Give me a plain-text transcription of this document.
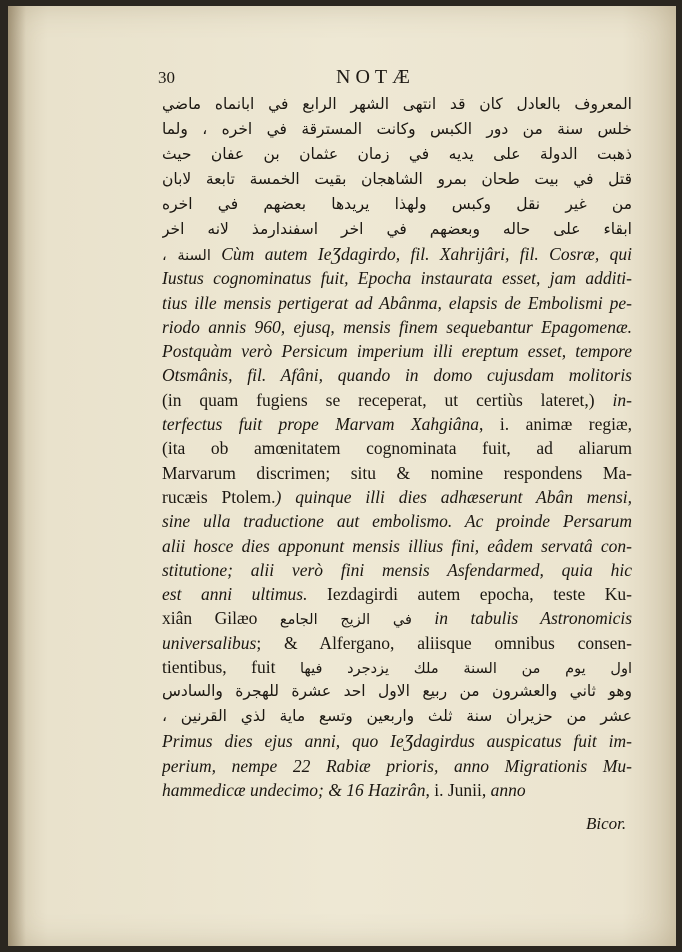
30	NOTÆ
المعروف بالعادل كان قد انتهى الشهر الرابع في ابانماه ماضي
خلس سنة من دور الكبس وكانت المسترقة في اخره ، ولما
ذهبت الدولة على يديه في زمان عثمان بن عفان حيث
قتل في بيت طحان بمرو الشاهجان بقيت الخمسة تابعة لابان
من غير نقل وكبس ولهذا يريدها بعضهم في اخره
ابقاء على حاله وبعضهم في اخر اسفندارمذ لانه اخر
السنة ، Cùm autem IeƷdagirdo, fil. Xahrijâri, fil. Cosræ, qui
Iustus cognominatus fuit, Epocha instaurata esset, jam additi-
tius ille mensis pertigerat ad Abânma, elapsis de Embolismi pe-
riodo annis 960, ejusq, mensis finem sequebantur Epagomenæ.
Postquàm verò Persicum imperium illi ereptum esset, tempore
Otsmânis, fil. Afâni, quando in domo cujusdam molitoris
(in quam fugiens se receperat, ut certiùs lateret,) in-
terfectus fuit prope Marvam Xahgiâna, i. animæ regiæ,
(ita ob amœnitatem cognominata fuit, ad aliarum
Marvarum discrimen; situ & nomine respondens Ma-
rucæis Ptolem.) quinque illi dies adhæserunt Abân mensi,
sine ulla traductione aut embolismo. Ac proinde Persarum
alii hosce dies apponunt mensis illius fini, eâdem servatâ con-
stitutione; alii verò fini mensis Asfendarmed, quia hic
est anni ultimus. Iezdagirdi autem epocha, teste Ku-
xiân Gilæo في الزيج الجامع in tabulis Astronomicis
universalibus; & Alfergano, aliisque omnibus consen-
tientibus, fuit اول يوم من السنة ملك يزدجرد فيها
وهو ثاني والعشرون من ربيع الاول احد عشرة للهجرة والسادس
عشر من حزيران سنة ثلث واربعين وتسع ماية لذي القرنين ،
Primus dies ejus anni, quo IeƷdagirdus auspicatus fuit im-
perium, nempe 22 Rabiæ prioris, anno Migrationis Mu-
hammedicæ undecimo; & 16 Hazirân, i. Junii, anno
Bicor.
